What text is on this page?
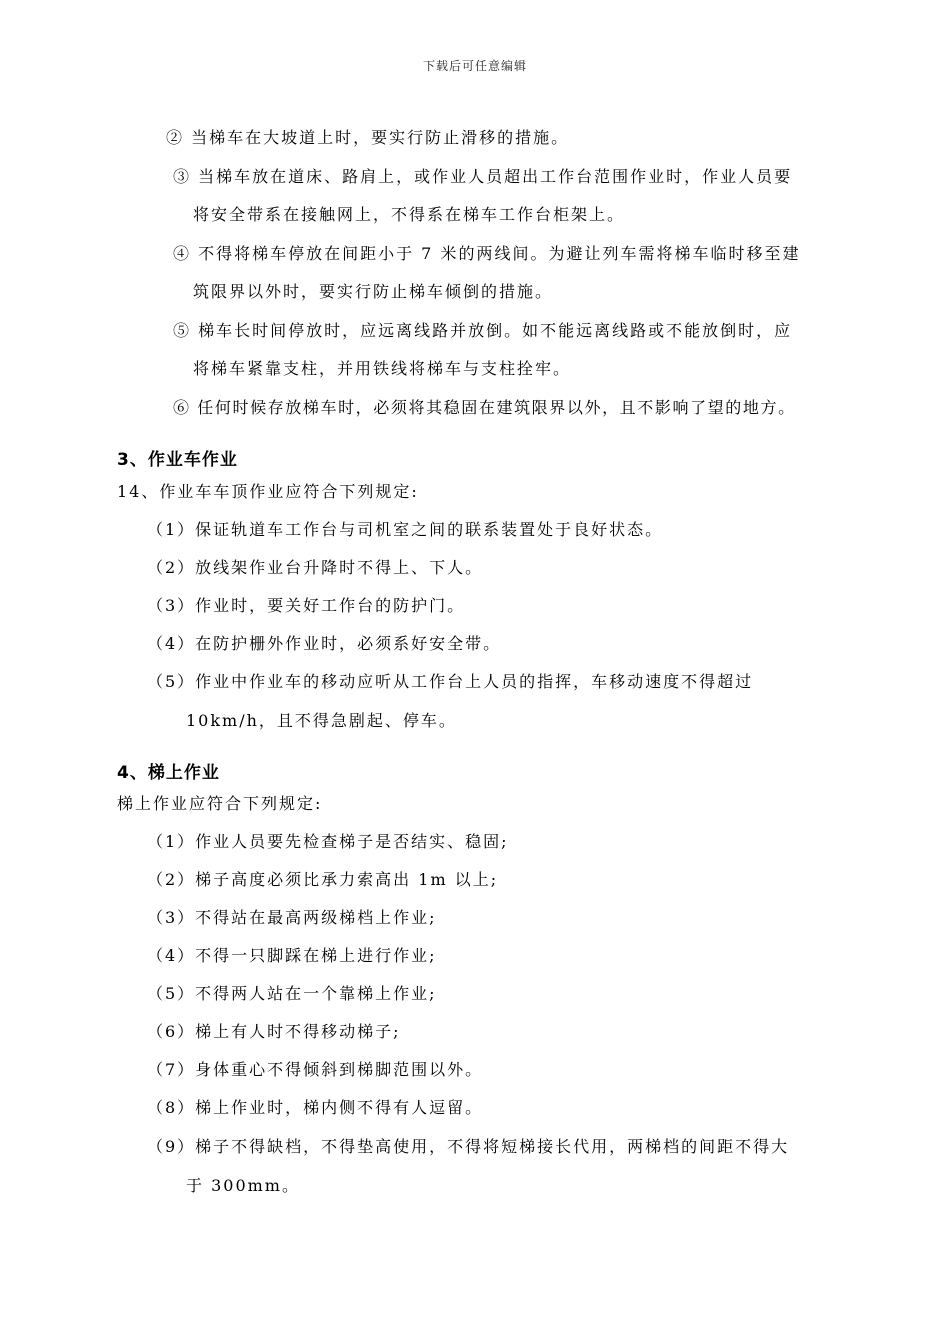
下载后可任意编辑
② 当梯车在大坡道上时，要实行防止滑移的措施。
③ 当梯车放在道床、路肩上，或作业人员超出工作台范围作业时，作业人员要
将安全带系在接触网上，不得系在梯车工作台柜架上。
④ 不得将梯车停放在间距小于 7 米的两线间。为避让列车需将梯车临时移至建
筑限界以外时，要实行防止梯车倾倒的措施。
⑤ 梯车长时间停放时，应远离线路并放倒。如不能远离线路或不能放倒时，应
将梯车紧靠支柱，并用铁线将梯车与支柱拴牢。
⑥ 任何时候存放梯车时，必须将其稳固在建筑限界以外，且不影响了望的地方。
3、作业车作业
14、作业车车顶作业应符合下列规定:
（1）保证轨道车工作台与司机室之间的联系装置处于良好状态。
（2）放线架作业台升降时不得上、下人。
（3）作业时，要关好工作台的防护门。
（4）在防护栅外作业时，必须系好安全带。
（5）作业中作业车的移动应听从工作台上人员的指挥，车移动速度不得超过
10km/h，且不得急剧起、停车。
4、梯上作业
梯上作业应符合下列规定:
（1）作业人员要先检查梯子是否结实、稳固;
（2）梯子高度必须比承力索高出 1m 以上;
（3）不得站在最高两级梯档上作业;
（4）不得一只脚踩在梯上进行作业;
（5）不得两人站在一个靠梯上作业;
（6）梯上有人时不得移动梯子;
（7）身体重心不得倾斜到梯脚范围以外。
（8）梯上作业时，梯内侧不得有人逗留。
（9）梯子不得缺档，不得垫高使用，不得将短梯接长代用，两梯档的间距不得大
于 300mm。
